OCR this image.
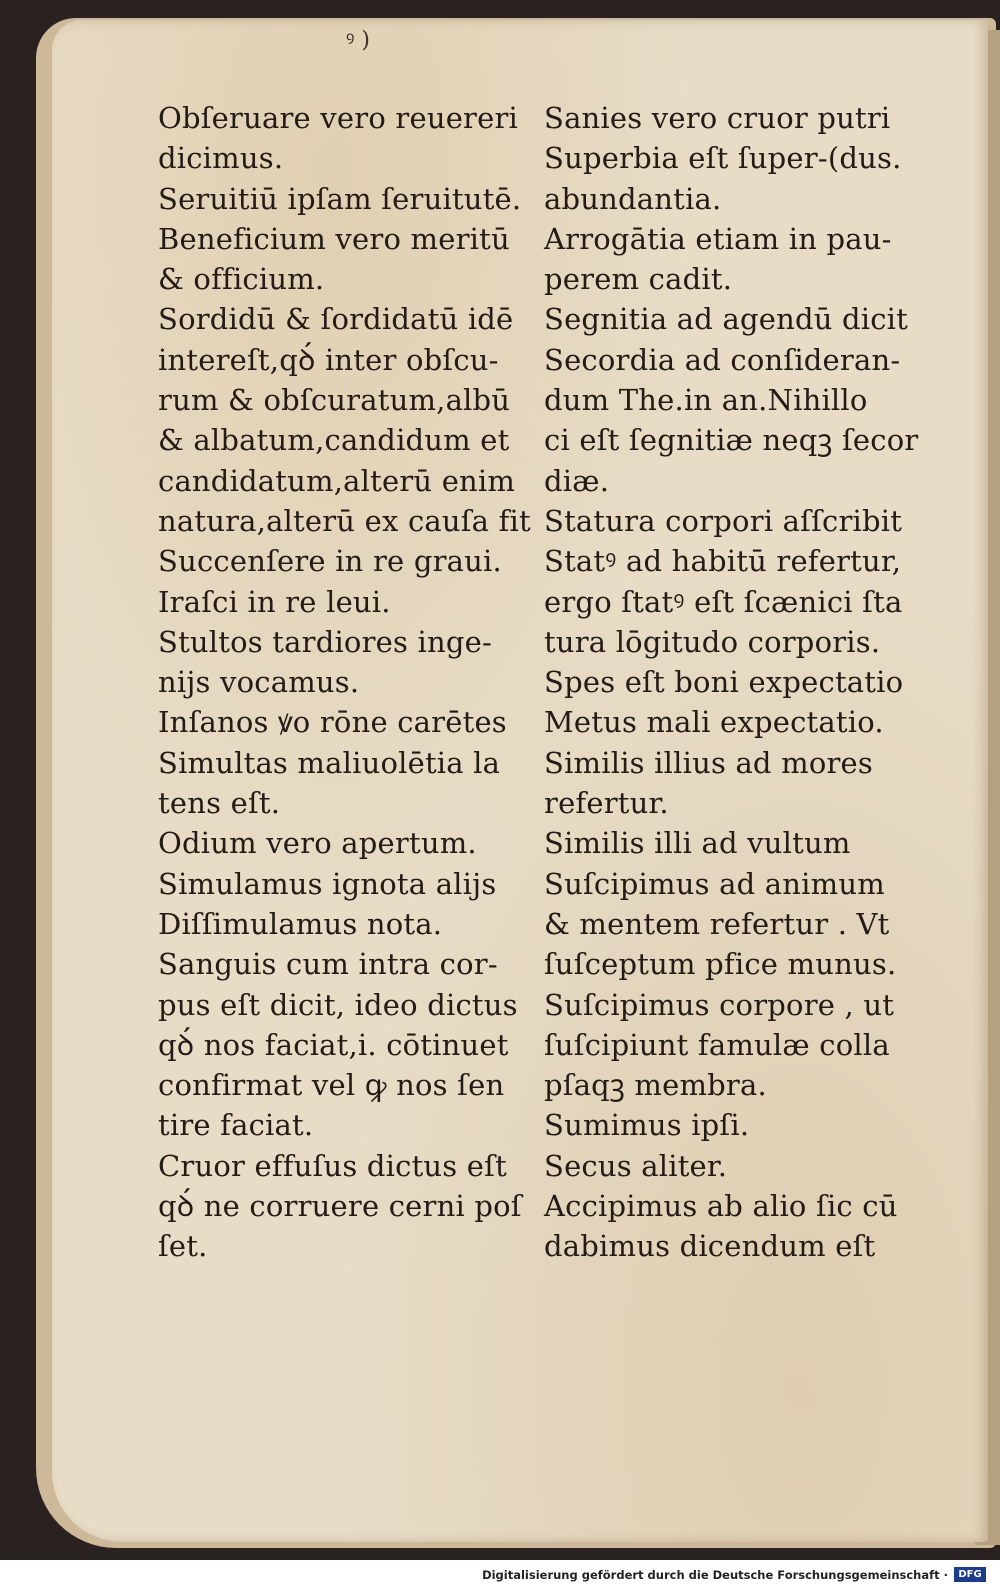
ꝰ )
Obſeruare vero reuereri
dicimus.
Seruitiū ipſam ſeruitutē.
Beneficium vero meritū
& officium.
Sordidū & ſordidatū idē
intereſt,qꝺ́ inter obſcu‐
rum & obſcuratum,albū
& albatum,candidum et
candidatum,alterū enim
natura,alterū ex cauſa fit
Succenſere in re graui.
Iraſci in re leui.
Stultos tardiores inge‐
nijs vocamus.
Inſanos ꝟo rōne carētes
Simultas maliuolētia la
tens eſt.
Odium vero apertum.
Simulamus ignota alijs
Diſſimulamus nota.
Sanguis cum intra cor‐
pus eſt dicit, ideo dictus
qꝺ́ nos faciat,i. cōtinuet
confirmat vel ꝙ nos ſen
tire faciat.
Cruor effuſus dictus eſt
qꝺ́ ne corruere cerni poſ
ſet.
Sanies vero cruor putri
Superbia eſt ſuper‐(dus.
abundantia.
Arrogātia etiam in pau‐
perem cadit.
Segnitia ad agendū dicit
Secordia ad conſideran‐
dum The.in an.Nihillo
ci eſt ſegnitiæ neqꝫ ſecor
diæ.
Statura corpori aſſcribit
Statꝰ ad habitū refertur,
ergo ſtatꝰ eſt ſcænici ſta
tura lōgitudo corporis.
Spes eſt boni expectatio
Metus mali expectatio.
Similis illius ad mores
refertur.
Similis illi ad vultum
Suſcipimus ad animum
& mentem refertur . Vt
ſuſceptum pfice munus.
Suſcipimus corpore , ut
ſuſcipiunt famulæ colla
pſaqꝫ membra.
Sumimus ipſi.
Secus aliter.
Accipimus ab alio ſic cū
dabimus dicendum eſt
Digitalisierung gefördert durch die Deutsche Forschungsgemeinschaft ·	DFG
